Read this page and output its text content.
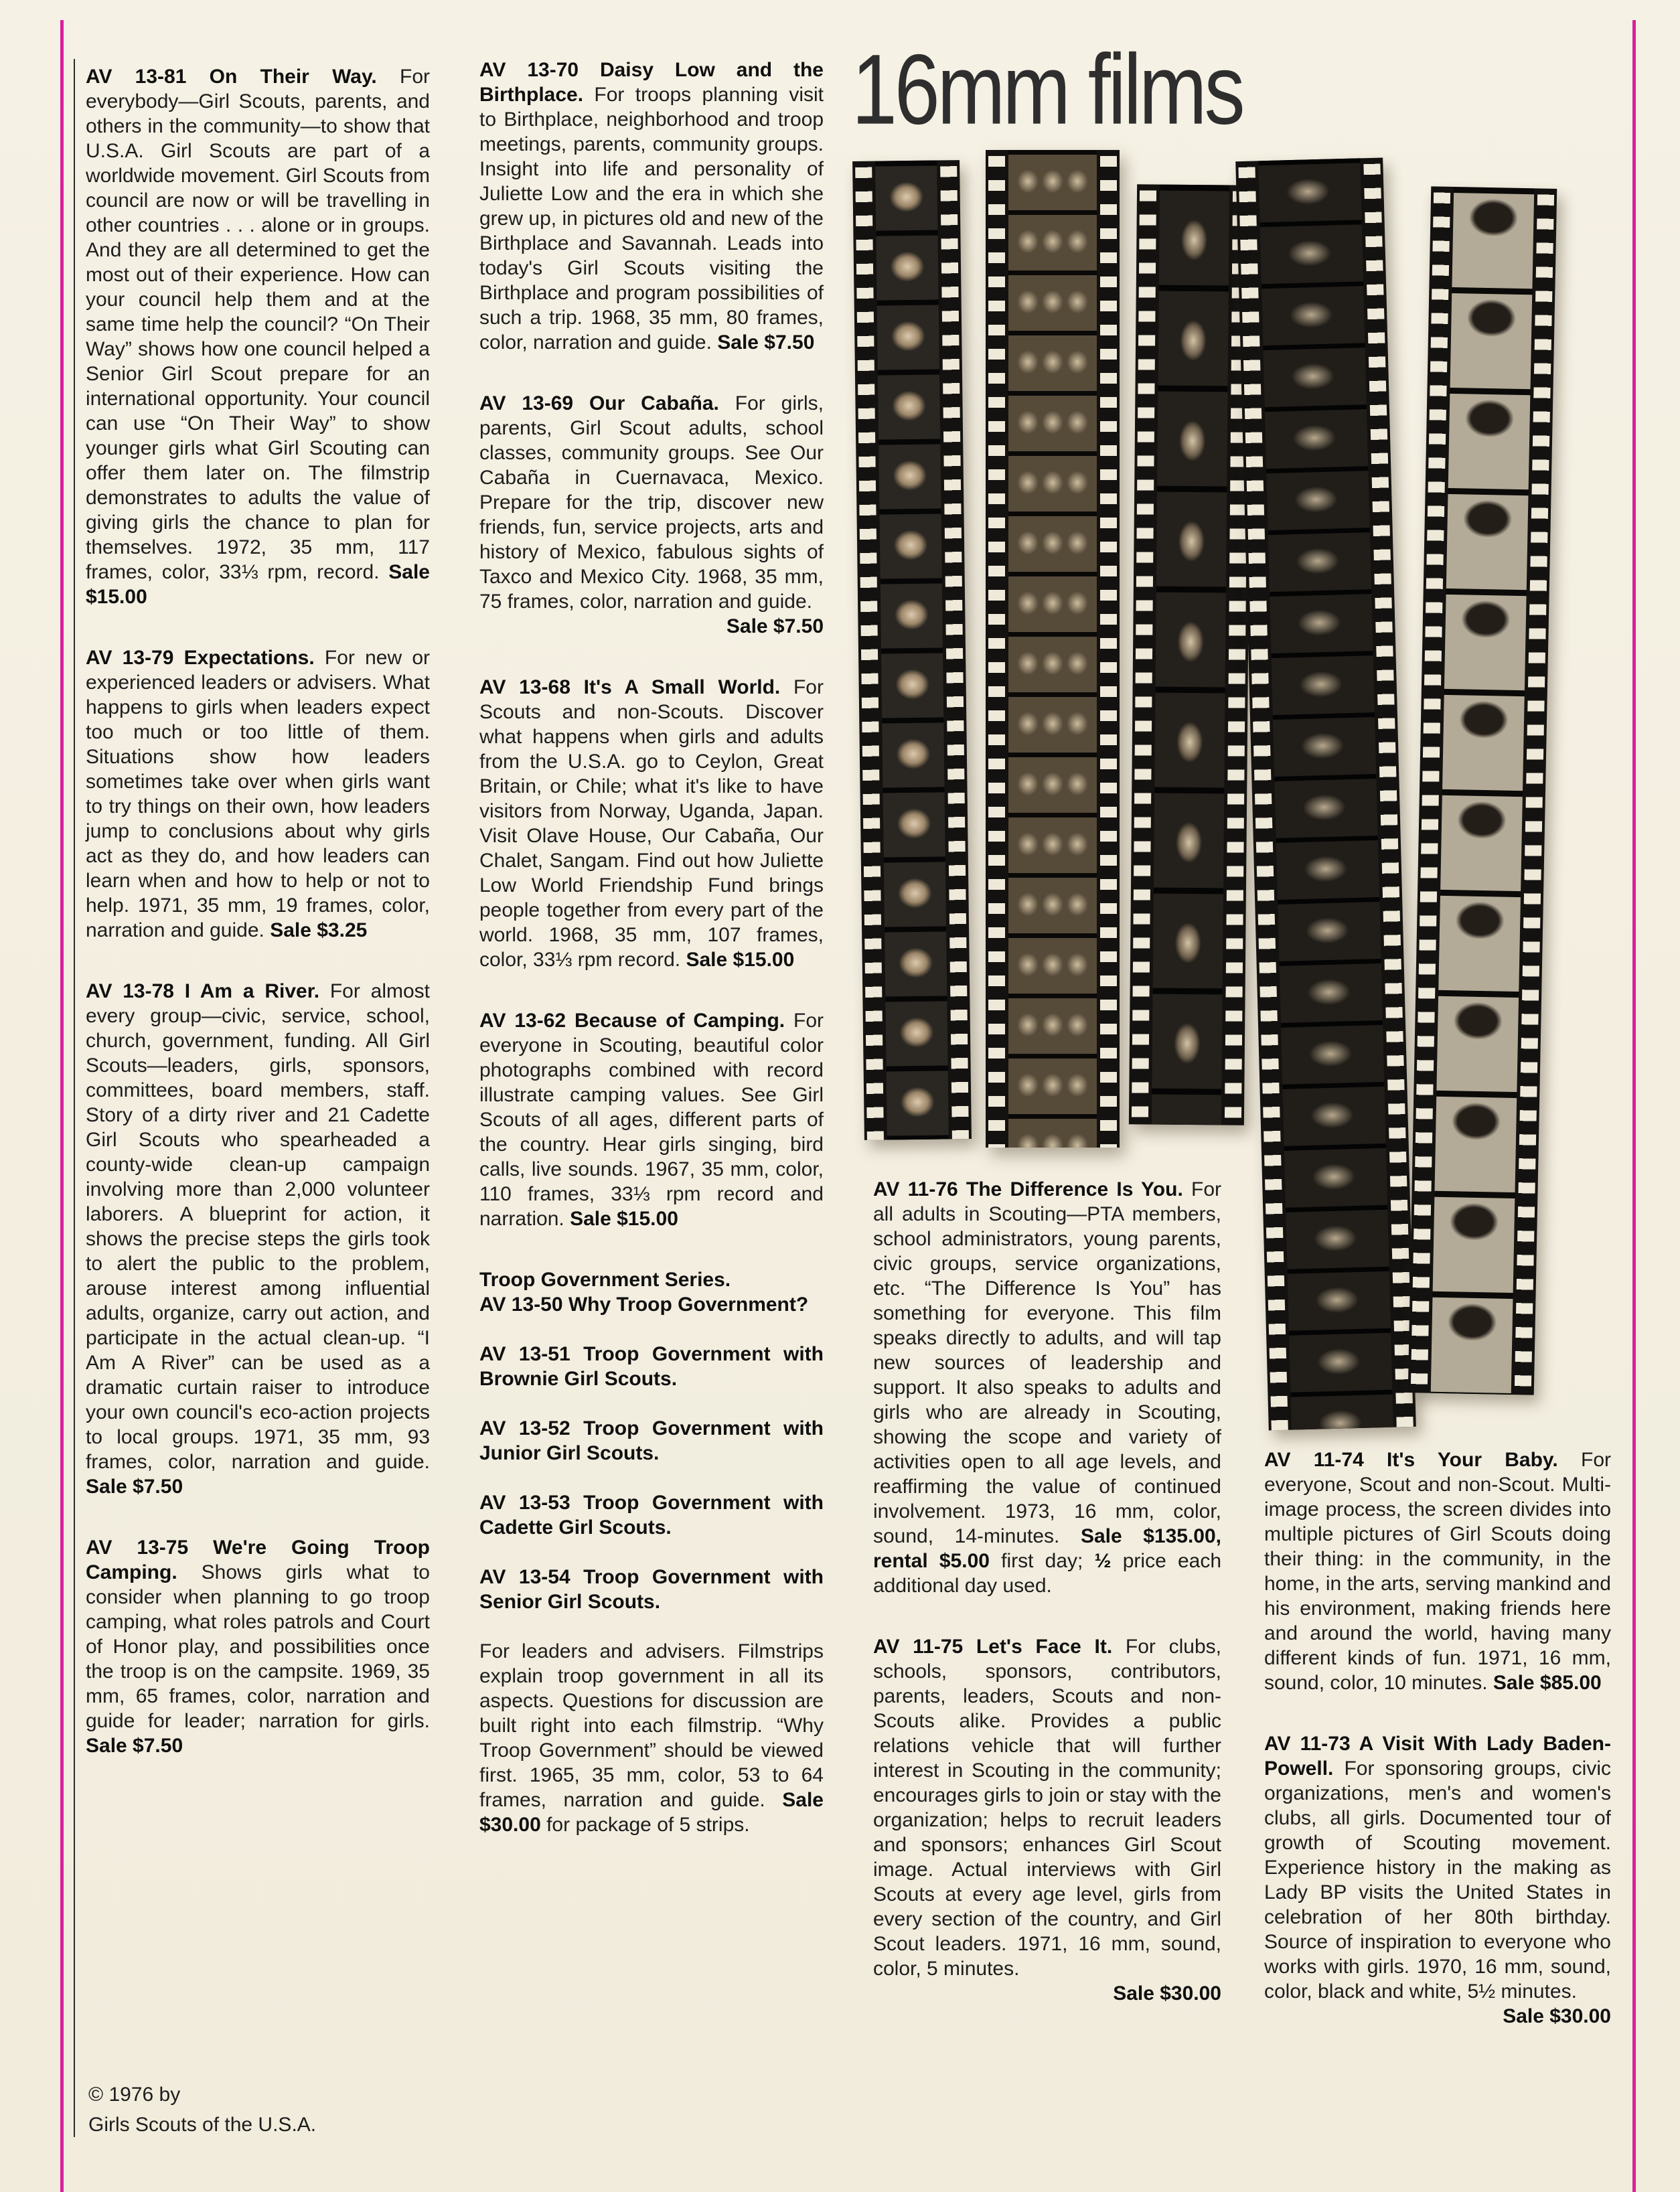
16mm films

AV 13-81 On Their Way. For everybody—Girl Scouts, parents, and others in the community—to show that U.S.A. Girl Scouts are part of a worldwide movement. Girl Scouts from council are now or will be travelling in other countries . . . alone or in groups. And they are all determined to get the most out of their experience. How can your council help them and at the same time help the council? “On Their Way” shows how one council helped a Senior Girl Scout prepare for an international opportunity. Your council can use “On Their Way” to show younger girls what Girl Scouting can offer them later on. The filmstrip demonstrates to adults the value of giving girls the chance to plan for themselves. 1972, 35 mm, 117 frames, color, 33⅓ rpm, record. Sale $15.00

AV 13-79 Expectations. For new or experienced leaders or advisers. What happens to girls when leaders expect too much or too little of them. Situations show how leaders sometimes take over when girls want to try things on their own, how leaders jump to conclusions about why girls act as they do, and how leaders can learn when and how to help or not to help. 1971, 35 mm, 19 frames, color, narration and guide. Sale $3.25

AV 13-78 I Am a River. For almost every group—civic, service, school, church, government, funding. All Girl Scouts—leaders, girls, sponsors, committees, board members, staff. Story of a dirty river and 21 Cadette Girl Scouts who spearheaded a county-wide clean-up campaign involving more than 2,000 volunteer laborers. A blueprint for action, it shows the precise steps the girls took to alert the public to the problem, arouse interest among influential adults, organize, carry out action, and participate in the actual clean-up. “I Am A River” can be used as a dramatic curtain raiser to introduce your own council's eco-action projects to local groups. 1971, 35 mm, 93 frames, color, narration and guide. Sale $7.50

AV 13-75 We're Going Troop Camping. Shows girls what to consider when planning to go troop camping, what roles patrols and Court of Honor play, and possibilities once the troop is on the campsite. 1969, 35 mm, 65 frames, color, narration and guide for leader; narration for girls. Sale $7.50

AV 13-70 Daisy Low and the Birthplace. For troops planning visit to Birthplace, neighborhood and troop meetings, parents, community groups. Insight into life and personality of Juliette Low and the era in which she grew up, in pictures old and new of the Birthplace and Savannah. Leads into today's Girl Scouts visiting the Birthplace and program possibilities of such a trip. 1968, 35 mm, 80 frames, color, narration and guide. Sale $7.50

AV 13-69 Our Cabaña. For girls, parents, Girl Scout adults, school classes, community groups. See Our Cabaña in Cuernavaca, Mexico. Prepare for the trip, discover new friends, fun, service projects, arts and history of Mexico, fabulous sights of Taxco and Mexico City. 1968, 35 mm, 75 frames, color, narration and guide.
Sale $7.50

AV 13-68 It's A Small World. For Scouts and non-Scouts. Discover what happens when girls and adults from the U.S.A. go to Ceylon, Great Britain, or Chile; what it's like to have visitors from Norway, Uganda, Japan. Visit Olave House, Our Cabaña, Our Chalet, Sangam. Find out how Juliette Low World Friendship Fund brings people together from every part of the world. 1968, 35 mm, 107 frames, color, 33⅓ rpm record. Sale $15.00

AV 13-62 Because of Camping. For everyone in Scouting, beautiful color photographs combined with record illustrate camping values. See Girl Scouts of all ages, different parts of the country. Hear girls singing, bird calls, live sounds. 1967, 35 mm, color, 110 frames, 33⅓ rpm record and narration. Sale $15.00

Troop Government Series.

AV 13-50 Why Troop Government?

AV 13-51 Troop Government with Brownie Girl Scouts.

AV 13-52 Troop Government with Junior Girl Scouts.

AV 13-53 Troop Government with Cadette Girl Scouts.

AV 13-54 Troop Government with Senior Girl Scouts.

For leaders and advisers. Filmstrips explain troop government in all its aspects. Questions for discussion are built right into each filmstrip. “Why Troop Government” should be viewed first. 1965, 35 mm, color, 53 to 64 frames, narration and guide. Sale $30.00 for package of 5 strips.

AV 11-76 The Difference Is You. For all adults in Scouting—PTA members, school administrators, young parents, civic groups, service organizations, etc. “The Difference Is You” has something for everyone. This film speaks directly to adults, and will tap new sources of leadership and support. It also speaks to adults and girls who are already in Scouting, showing the scope and variety of activities open to all age levels, and reaffirming the value of continued involvement. 1973, 16 mm, color, sound, 14-minutes. Sale $135.00, rental $5.00 first day; ½ price each additional day used.

AV 11-75 Let's Face It. For clubs, schools, sponsors, contributors, parents, leaders, Scouts and non-Scouts alike. Provides a public relations vehicle that will further interest in Scouting in the community; encourages girls to join or stay with the organization; helps to recruit leaders and sponsors; enhances Girl Scout image. Actual interviews with Girl Scouts at every age level, girls from every section of the country, and Girl Scout leaders. 1971, 16 mm, sound, color, 5 minutes.
Sale $30.00

AV 11-74 It's Your Baby. For everyone, Scout and non-Scout. Multi-image process, the screen divides into multiple pictures of Girl Scouts doing their thing: in the community, in the home, in the arts, serving mankind and his environment, making friends here and around the world, having many different kinds of fun. 1971, 16 mm, sound, color, 10 minutes. Sale $85.00

AV 11-73 A Visit With Lady Baden-Powell. For sponsoring groups, civic organizations, men's and women's clubs, all girls. Documented tour of growth of Scouting movement. Experience history in the making as Lady BP visits the United States in celebration of her 80th birthday. Source of inspiration to everyone who works with girls. 1970, 16 mm, sound, color, black and white, 5½ minutes.
Sale $30.00

© 1976 by
Girls Scouts of the U.S.A.
